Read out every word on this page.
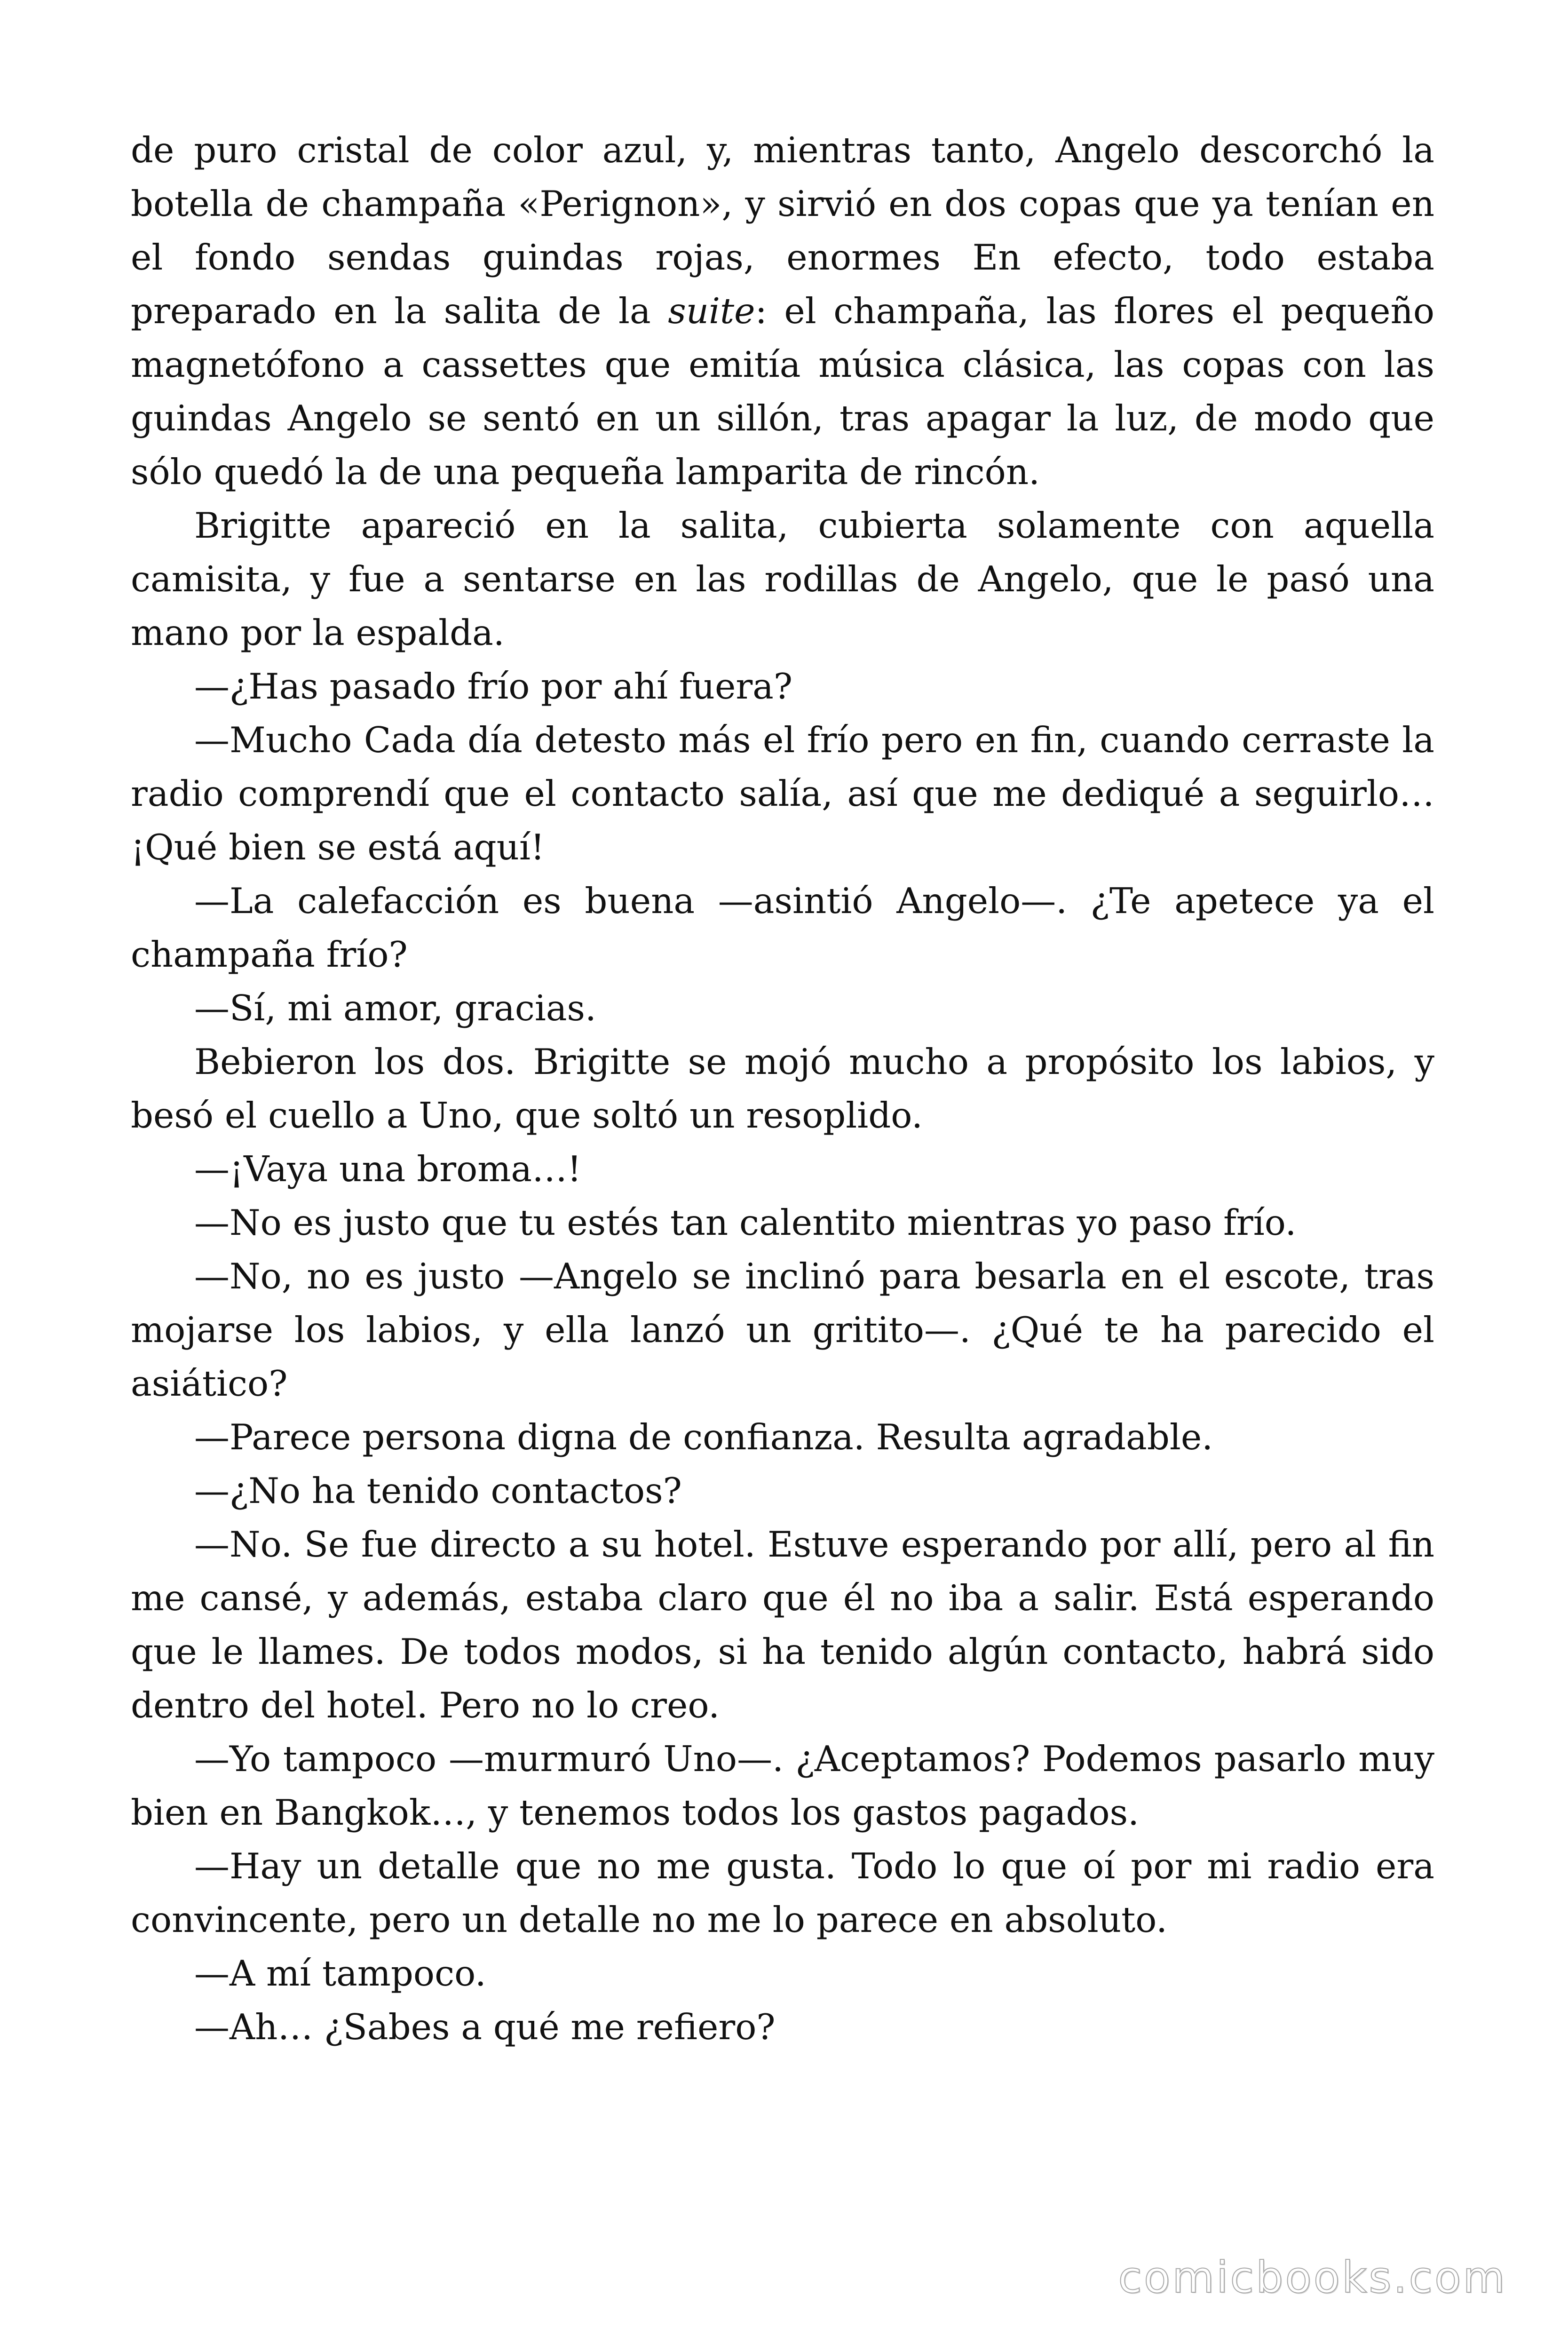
de puro cristal de color azul, y, mientras tanto, Angelo descorchó la botella de champaña «Perignon», y sirvió en dos copas que ya tenían en el fondo sendas guindas rojas, enormes En efecto, todo estaba preparado en la salita de la suite: el champaña, las flores el pequeño magnetófono a cassettes que emitía música clásica, las copas con las guindas Angelo se sentó en un sillón, tras apagar la luz, de modo que sólo quedó la de una pequeña lamparita de rincón.

Brigitte apareció en la salita, cubierta solamente con aquella camisita, y fue a sentarse en las rodillas de Angelo, que le pasó una mano por la espalda.

—¿Has pasado frío por ahí fuera?

—Mucho Cada día detesto más el frío pero en fin, cuando cerraste la radio comprendí que el contacto salía, así que me dediqué a seguirlo… ¡Qué bien se está aquí!

—La calefacción es buena —asintió Angelo—. ¿Te apetece ya el champaña frío?

—Sí, mi amor, gracias.

Bebieron los dos. Brigitte se mojó mucho a propósito los labios, y besó el cuello a Uno, que soltó un resoplido.

—¡Vaya una broma…!

—No es justo que tu estés tan calentito mientras yo paso frío.

—No, no es justo —Angelo se inclinó para besarla en el escote, tras mojarse los labios, y ella lanzó un gritito—. ¿Qué te ha parecido el asiático?

—Parece persona digna de confianza. Resulta agradable.

—¿No ha tenido contactos?

—No. Se fue directo a su hotel. Estuve esperando por allí, pero al fin me cansé, y además, estaba claro que él no iba a salir. Está esperando que le llames. De todos modos, si ha tenido algún contacto, habrá sido dentro del hotel. Pero no lo creo.

—Yo tampoco —murmuró Uno—. ¿Aceptamos? Podemos pasarlo muy bien en Bangkok…, y tenemos todos los gastos pagados.

—Hay un detalle que no me gusta. Todo lo que oí por mi radio era convincente, pero un detalle no me lo parece en absoluto.

—A mí tampoco.

—Ah… ¿Sabes a qué me refiero?

comicbooks.com
